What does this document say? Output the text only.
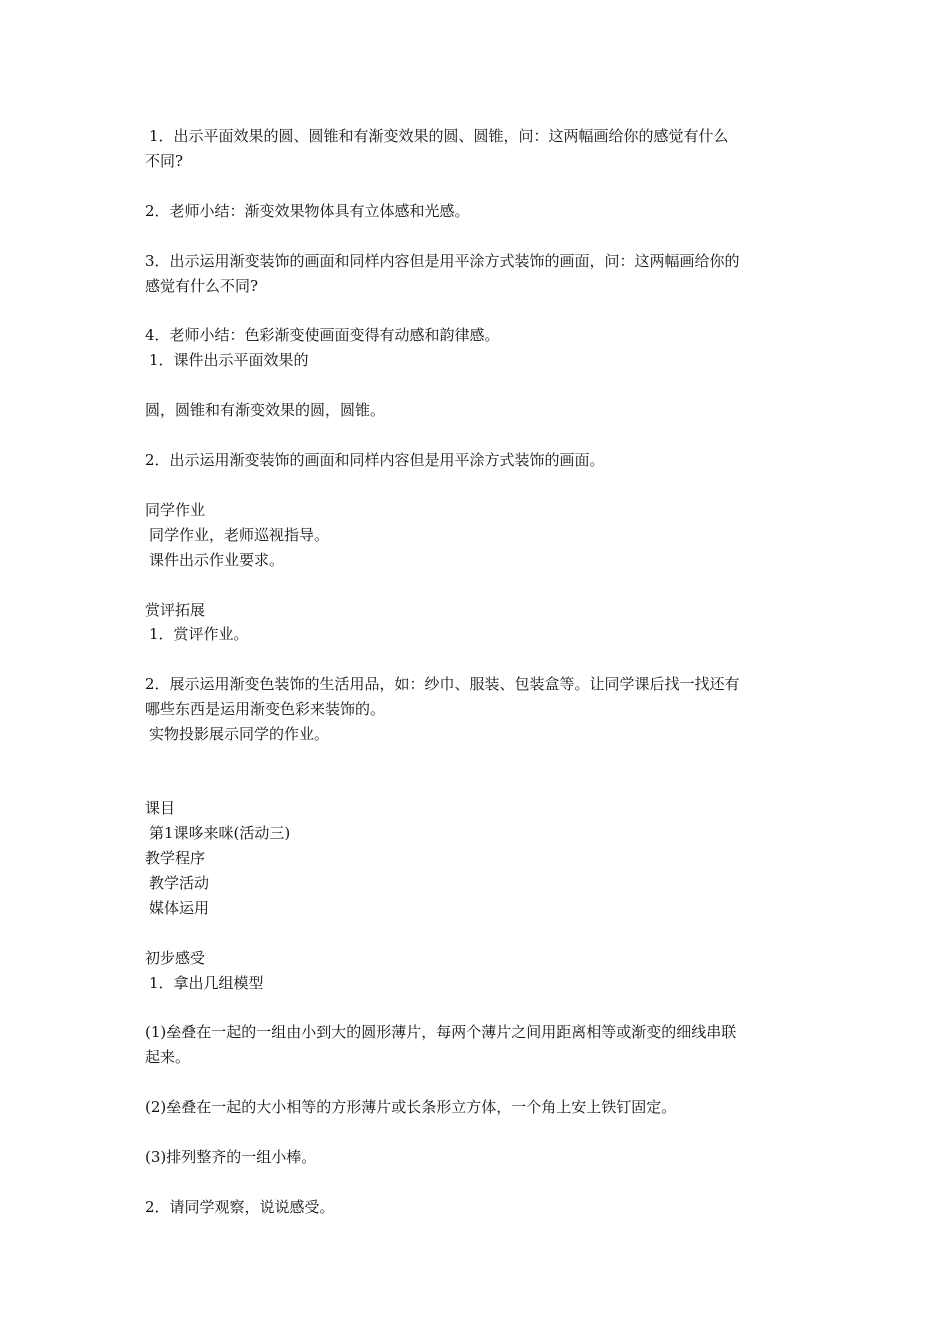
1．出示平面效果的圆、圆锥和有渐变效果的圆、圆锥，问：这两幅画给你的感觉有什么
不同?
2．老师小结：渐变效果物体具有立体感和光感。
3．出示运用渐变装饰的画面和同样内容但是用平涂方式装饰的画面，问：这两幅画给你的
感觉有什么不同?
4．老师小结：色彩渐变使画面变得有动感和韵律感。
1．课件出示平面效果的
圆，圆锥和有渐变效果的圆，圆锥。
2．出示运用渐变装饰的画面和同样内容但是用平涂方式装饰的画面。
同学作业
同学作业，老师巡视指导。
课件出示作业要求。
赏评拓展
1．赏评作业。
2．展示运用渐变色装饰的生活用品，如：纱巾、服装、包装盒等。让同学课后找一找还有
哪些东西是运用渐变色彩来装饰的。
实物投影展示同学的作业。
课目
第1课哆来咪(活动三)
教学程序
教学活动
媒体运用
初步感受
1．拿出几组模型
(1)垒叠在一起的一组由小到大的圆形薄片，每两个薄片之间用距离相等或渐变的细线串联
起来。
(2)垒叠在一起的大小相等的方形薄片或长条形立方体，一个角上安上铁钉固定。
(3)排列整齐的一组小棒。
2．请同学观察，说说感受。
